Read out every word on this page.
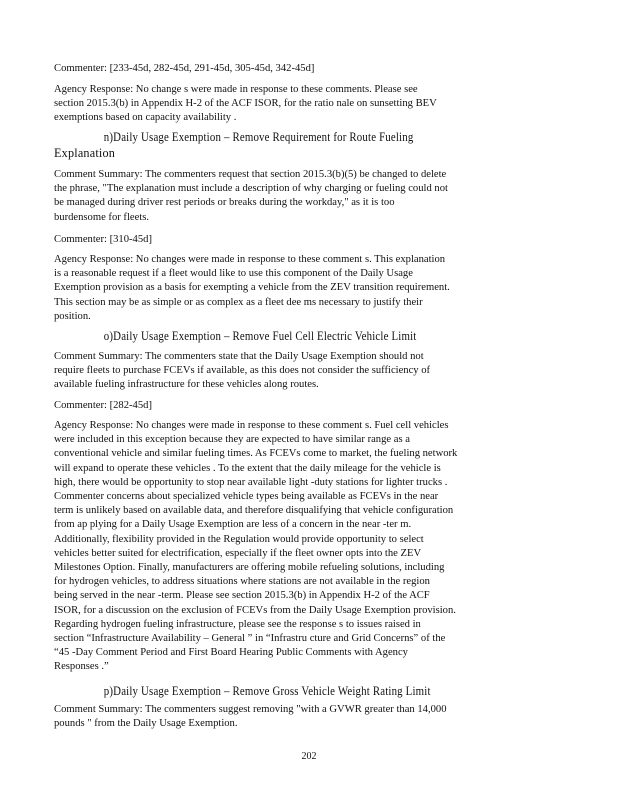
Commenter: [233-45d, 282-45d, 291-45d, 305-45d, 342-45d]
Agency Response: No change s were made in response to these comments. Please see
section 2015.3(b) in Appendix H-2 of the ACF ISOR, for the ratio nale on sunsetting BEV
exemptions based on capacity availability .
n)Daily Usage Exemption – Remove Requirement for Route Fueling
Explanation
Comment Summary: The commenters request that section 2015.3(b)(5) be changed to delete
the phrase, "The explanation must include a description of why charging or fueling could not
be managed during driver rest periods or breaks during the workday," as it is too
burdensome for fleets.
Commenter: [310-45d]
Agency Response: No changes were made in response to these comment s. This explanation
is a reasonable request if a fleet would like to use this component of the Daily Usage
Exemption provision as a basis for exempting a vehicle from the ZEV transition requirement.
This section may be as simple or as complex as a fleet dee ms necessary to justify their
position.
o)Daily Usage Exemption – Remove Fuel Cell Electric Vehicle Limit
Comment Summary: The commenters state that the Daily Usage Exemption should not
require fleets to purchase FCEVs if available, as this does not consider the sufficiency of
available fueling infrastructure for these vehicles along routes.
Commenter: [282-45d]
Agency Response: No changes were made in response to these comment s. Fuel cell vehicles
were included in this exception because they are expected to have similar range as a
conventional vehicle and similar fueling times. As FCEVs come to market, the fueling network
will expand to operate these vehicles . To the extent that the daily mileage for the vehicle is
high, there would be opportunity to stop near available light -duty stations for lighter trucks .
Commenter concerns about specialized vehicle types being available as FCEVs in the near
term is unlikely based on available data, and therefore disqualifying that vehicle configuration
from ap plying for a Daily Usage Exemption are less of a concern in the near -ter m.
Additionally, flexibility provided in the Regulation would provide opportunity to select
vehicles better suited for electrification, especially if the fleet owner opts into the ZEV
Milestones Option. Finally, manufacturers are offering mobile refueling solutions, including
for hydrogen vehicles, to address situations where stations are not available in the region
being served in the near -term. Please see section 2015.3(b) in Appendix H-2 of the ACF
ISOR, for a discussion on the exclusion of FCEVs from the Daily Usage Exemption provision.
Regarding hydrogen fueling infrastructure, please see the response s to issues raised in
section “Infrastructure Availability – General ” in “Infrastru cture and Grid Concerns” of the
“45 -Day Comment Period and First Board Hearing Public Comments with Agency
Responses .”
p)Daily Usage Exemption – Remove Gross Vehicle Weight Rating Limit
Comment Summary: The commenters suggest removing "with a GVWR greater than 14,000
pounds " from the Daily Usage Exemption.
202
